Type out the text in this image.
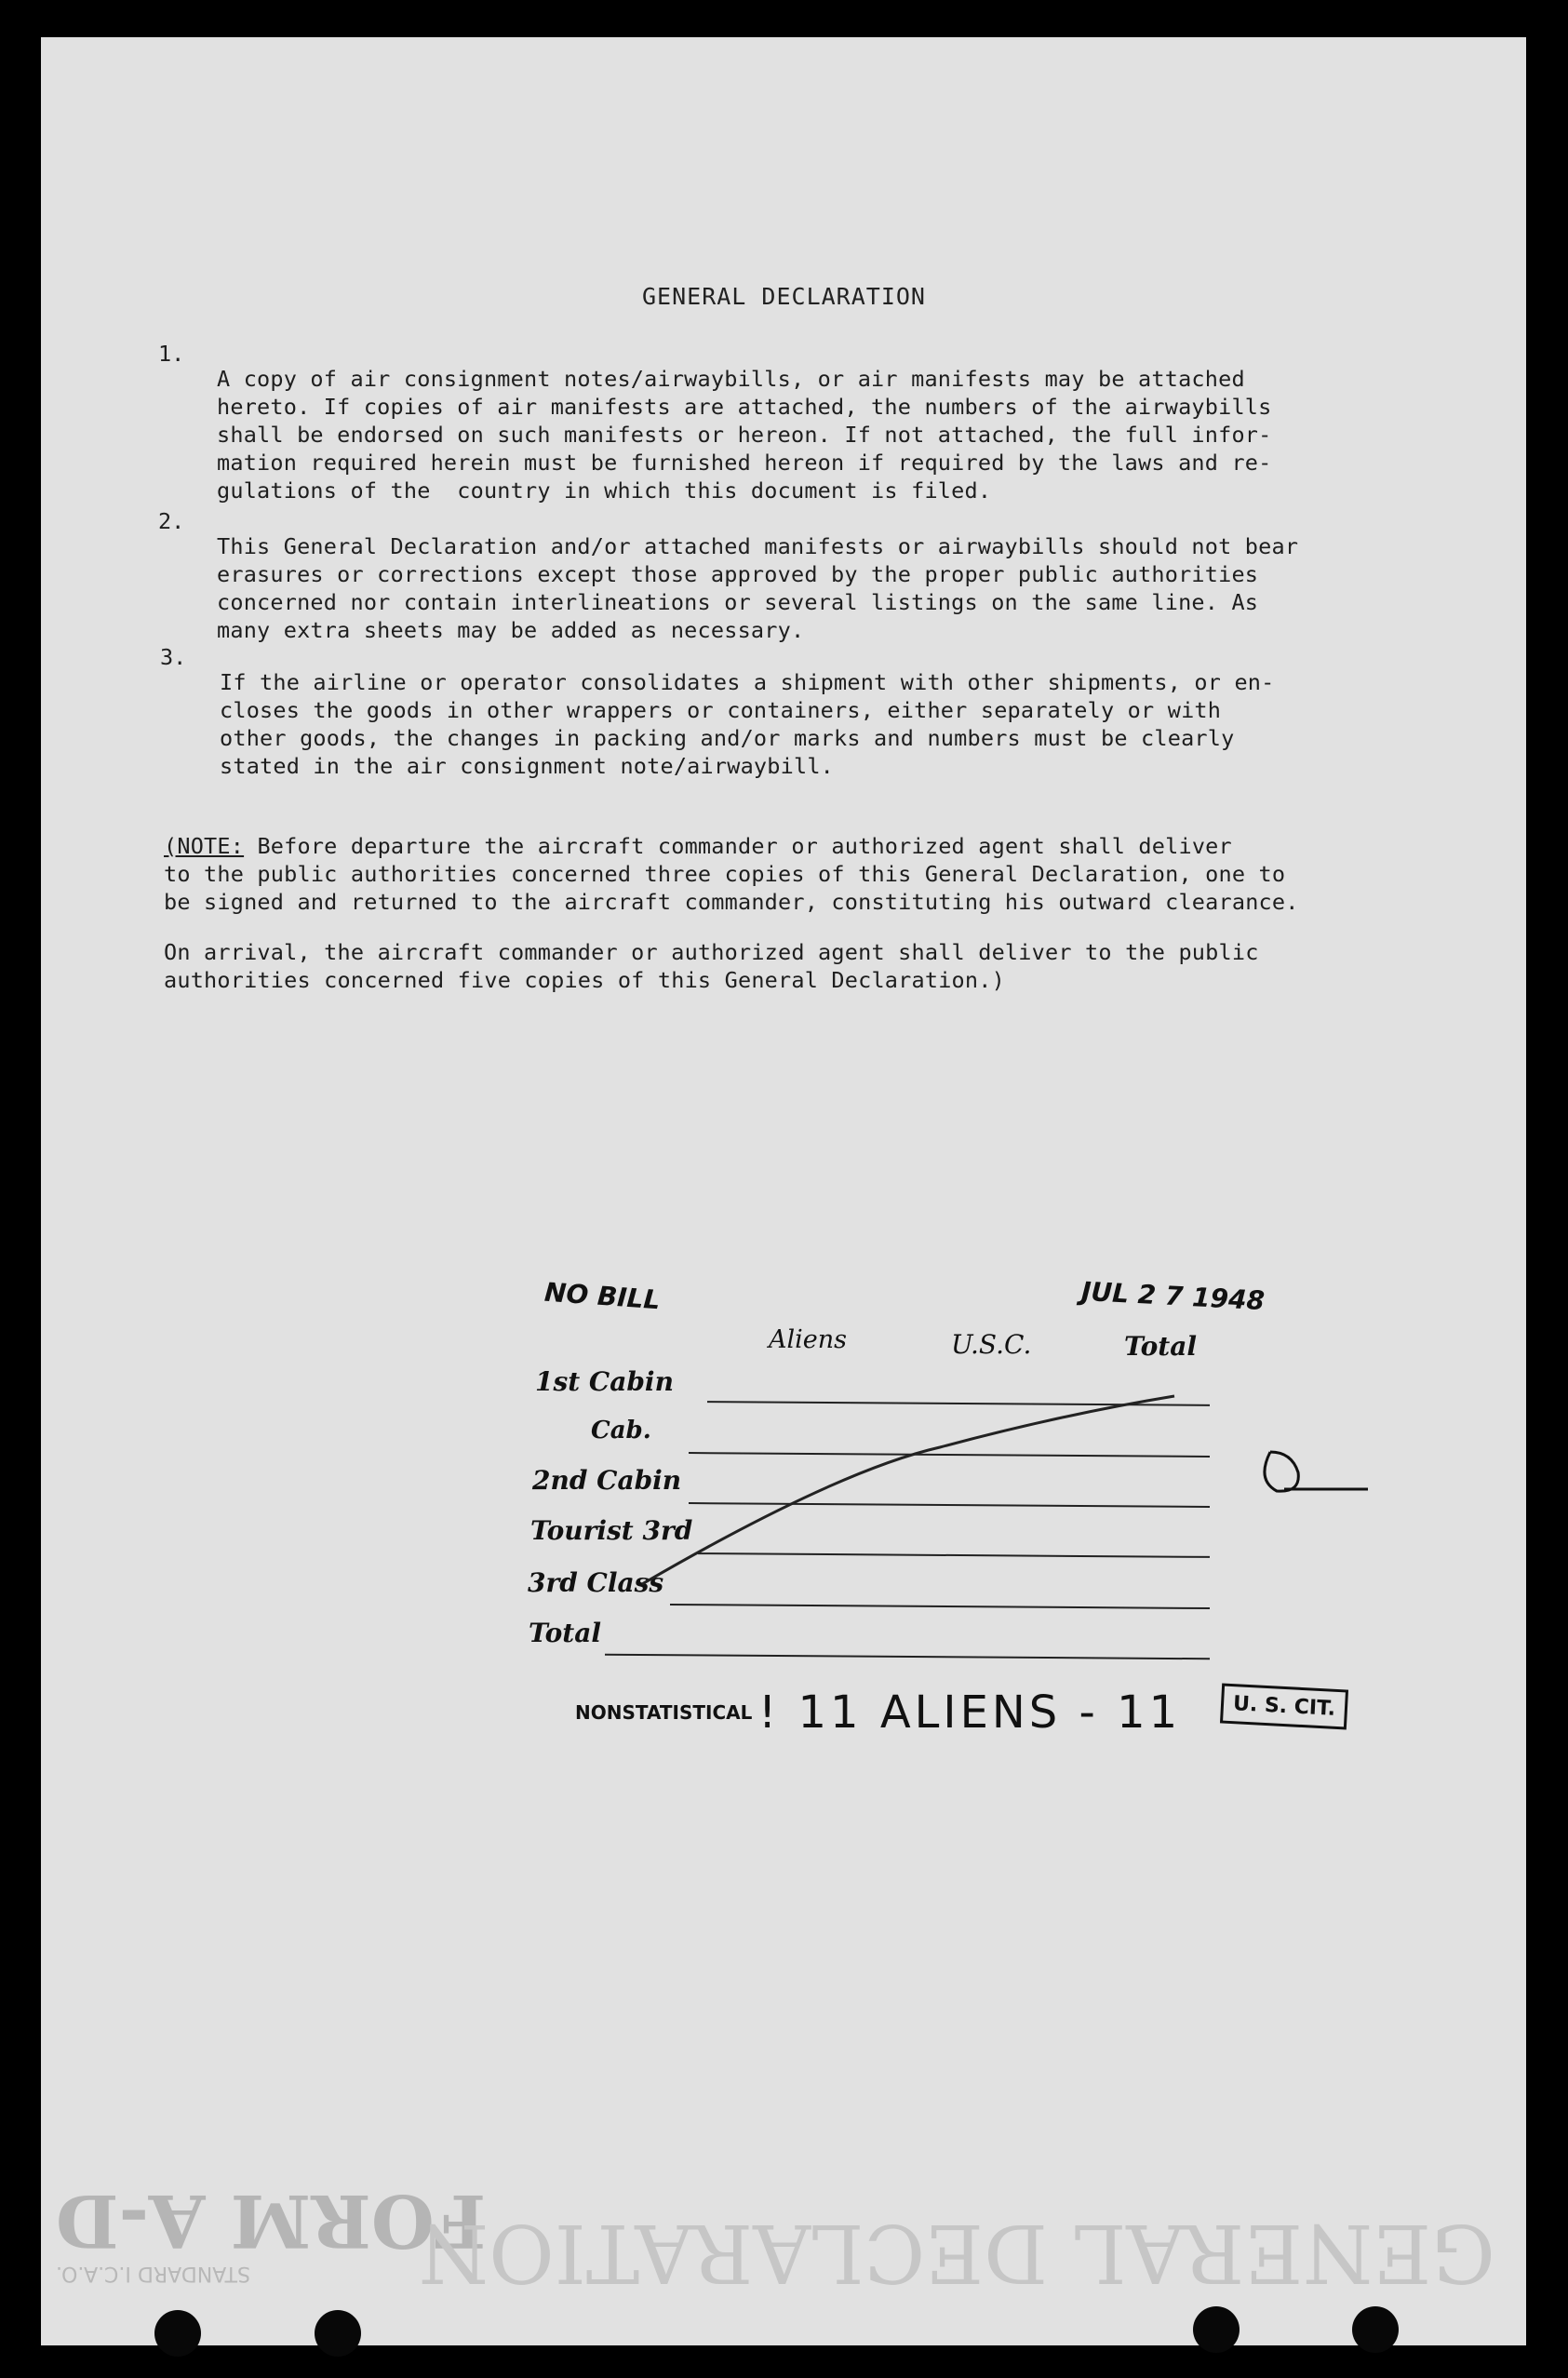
FORM A-D
STANDARD I.C.A.O. GENERAL DECLARATION
GENERAL DECLARATION
1.

A copy of air consignment notes/airwaybills, or air manifests may be attached
hereto. If copies of air manifests are attached, the numbers of the airwaybills
shall be endorsed on such manifests or hereon. If not attached, the full infor-
mation required herein must be furnished hereon if required by the laws and re-
gulations of the  country in which this document is filed.

2.

This General Declaration and/or attached manifests or airwaybills should not bear
erasures or corrections except those approved by the proper public authorities
concerned nor contain interlineations or several listings on the same line. As
many extra sheets may be added as necessary.

3.

If the airline or operator consolidates a shipment with other shipments, or en-
closes the goods in other wrappers or containers, either separately or with
other goods, the changes in packing and/or marks and numbers must be clearly
stated in the air consignment note/airwaybill.

(NOTE: Before departure the aircraft commander or authorized agent shall deliver
to the public authorities concerned three copies of this General Declaration, one to
be signed and returned to the aircraft commander, constituting his outward clearance.

On arrival, the aircraft commander or authorized agent shall deliver to the public
authorities concerned five copies of this General Declaration.)

NO BILL	JUL 2 7 1948
Aliens	U.S.C.	Total
1st Cabin
Cab.
2nd Cabin
Tourist 3rd
3rd Class
Total
NONSTATISTICAL ! 11 ALIENS - 11	U. S. CIT.
